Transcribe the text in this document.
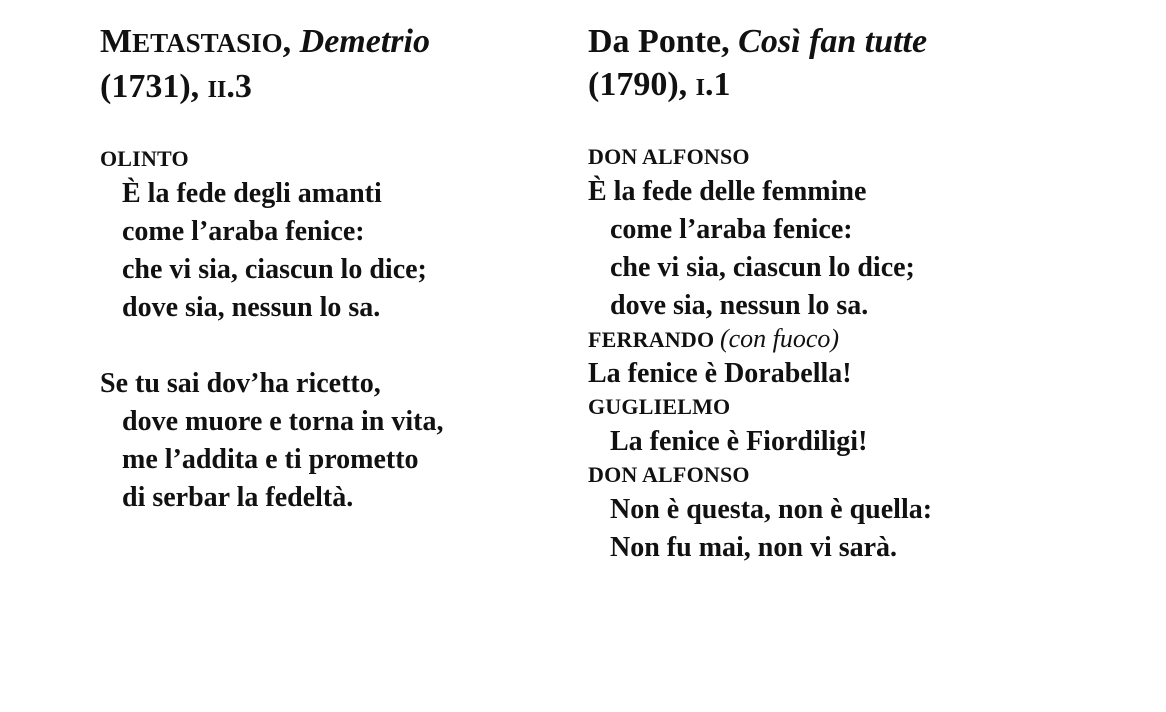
METASTASIO, Demetrio
(1731), II.3
OLINTO
È la fede degli amanti
come l’araba fenice:
che vi sia, ciascun lo dice;
dove sia, nessun lo sa.
Se tu sai dov’ha ricetto,
dove muore e torna in vita,
me l’addita e ti prometto
di serbar la fedeltà.
Da Ponte, Così fan tutte
(1790), I.1
DON ALFONSO
È la fede delle femmine
come l’araba fenice:
che vi sia, ciascun lo dice;
dove sia, nessun lo sa.
FERRANDO (con fuoco)
La fenice è Dorabella!
GUGLIELMO
La fenice è Fiordiligi!
DON ALFONSO
Non è questa, non è quella:
Non fu mai, non vi sarà.
